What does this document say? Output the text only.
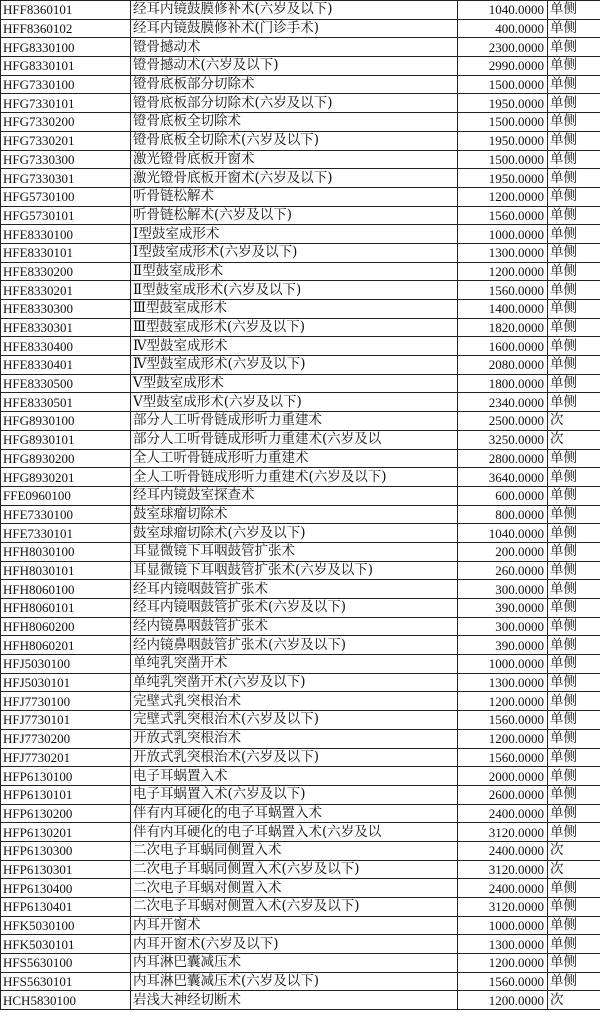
HFF8360101	经耳内镜鼓膜修补术(六岁及以下)	1040.0000	单侧
HFF8360102	经耳内镜鼓膜修补术(门诊手术)	400.0000	单侧
HFG8330100	镫骨撼动术	2300.0000	单侧
HFG8330101	镫骨撼动术(六岁及以下)	2990.0000	单侧
HFG7330100	镫骨底板部分切除术	1500.0000	单侧
HFG7330101	镫骨底板部分切除术(六岁及以下)	1950.0000	单侧
HFG7330200	镫骨底板全切除术	1500.0000	单侧
HFG7330201	镫骨底板全切除术(六岁及以下)	1950.0000	单侧
HFG7330300	激光镫骨底板开窗术	1500.0000	单侧
HFG7330301	激光镫骨底板开窗术(六岁及以下)	1950.0000	单侧
HFG5730100	听骨链松解术	1200.0000	单侧
HFG5730101	听骨链松解术(六岁及以下)	1560.0000	单侧
HFE8330100	Ⅰ型鼓室成形术	1000.0000	单侧
HFE8330101	Ⅰ型鼓室成形术(六岁及以下)	1300.0000	单侧
HFE8330200	Ⅱ型鼓室成形术	1200.0000	单侧
HFE8330201	Ⅱ型鼓室成形术(六岁及以下)	1560.0000	单侧
HFE8330300	Ⅲ型鼓室成形术	1400.0000	单侧
HFE8330301	Ⅲ型鼓室成形术(六岁及以下)	1820.0000	单侧
HFE8330400	Ⅳ型鼓室成形术	1600.0000	单侧
HFE8330401	Ⅳ型鼓室成形术(六岁及以下)	2080.0000	单侧
HFE8330500	Ⅴ型鼓室成形术	1800.0000	单侧
HFE8330501	Ⅴ型鼓室成形术(六岁及以下)	2340.0000	单侧
HFG8930100	部分人工听骨链成形听力重建术	2500.0000	次
HFG8930101	部分人工听骨链成形听力重建术(六岁及以	3250.0000	次
HFG8930200	全人工听骨链成形听力重建术	2800.0000	单侧
HFG8930201	全人工听骨链成形听力重建术(六岁及以下)	3640.0000	单侧
FFE0960100	经耳内镜鼓室探查术	600.0000	单侧
HFE7330100	鼓室球瘤切除术	800.0000	单侧
HFE7330101	鼓室球瘤切除术(六岁及以下)	1040.0000	单侧
HFH8030100	耳显微镜下耳咽鼓管扩张术	200.0000	单侧
HFH8030101	耳显微镜下耳咽鼓管扩张术(六岁及以下)	260.0000	单侧
HFH8060100	经耳内镜咽鼓管扩张术	300.0000	单侧
HFH8060101	经耳内镜咽鼓管扩张术(六岁及以下)	390.0000	单侧
HFH8060200	经内镜鼻咽鼓管扩张术	300.0000	单侧
HFH8060201	经内镜鼻咽鼓管扩张术(六岁及以下)	390.0000	单侧
HFJ5030100	单纯乳突凿开术	1000.0000	单侧
HFJ5030101	单纯乳突凿开术(六岁及以下)	1300.0000	单侧
HFJ7730100	完壁式乳突根治术	1200.0000	单侧
HFJ7730101	完壁式乳突根治术(六岁及以下)	1560.0000	单侧
HFJ7730200	开放式乳突根治术	1200.0000	单侧
HFJ7730201	开放式乳突根治术(六岁及以下)	1560.0000	单侧
HFP6130100	电子耳蜗置入术	2000.0000	单侧
HFP6130101	电子耳蜗置入术(六岁及以下)	2600.0000	单侧
HFP6130200	伴有内耳硬化的电子耳蜗置入术	2400.0000	单侧
HFP6130201	伴有内耳硬化的电子耳蜗置入术(六岁及以	3120.0000	单侧
HFP6130300	二次电子耳蜗同侧置入术	2400.0000	次
HFP6130301	二次电子耳蜗同侧置入术(六岁及以下)	3120.0000	次
HFP6130400	二次电子耳蜗对侧置入术	2400.0000	单侧
HFP6130401	二次电子耳蜗对侧置入术(六岁及以下)	3120.0000	单侧
HFK5030100	内耳开窗术	1000.0000	单侧
HFK5030101	内耳开窗术(六岁及以下)	1300.0000	单侧
HFS5630100	内耳淋巴囊减压术	1200.0000	单侧
HFS5630101	内耳淋巴囊减压术(六岁及以下)	1560.0000	单侧
HCH5830100	岩浅大神经切断术	1200.0000	次
